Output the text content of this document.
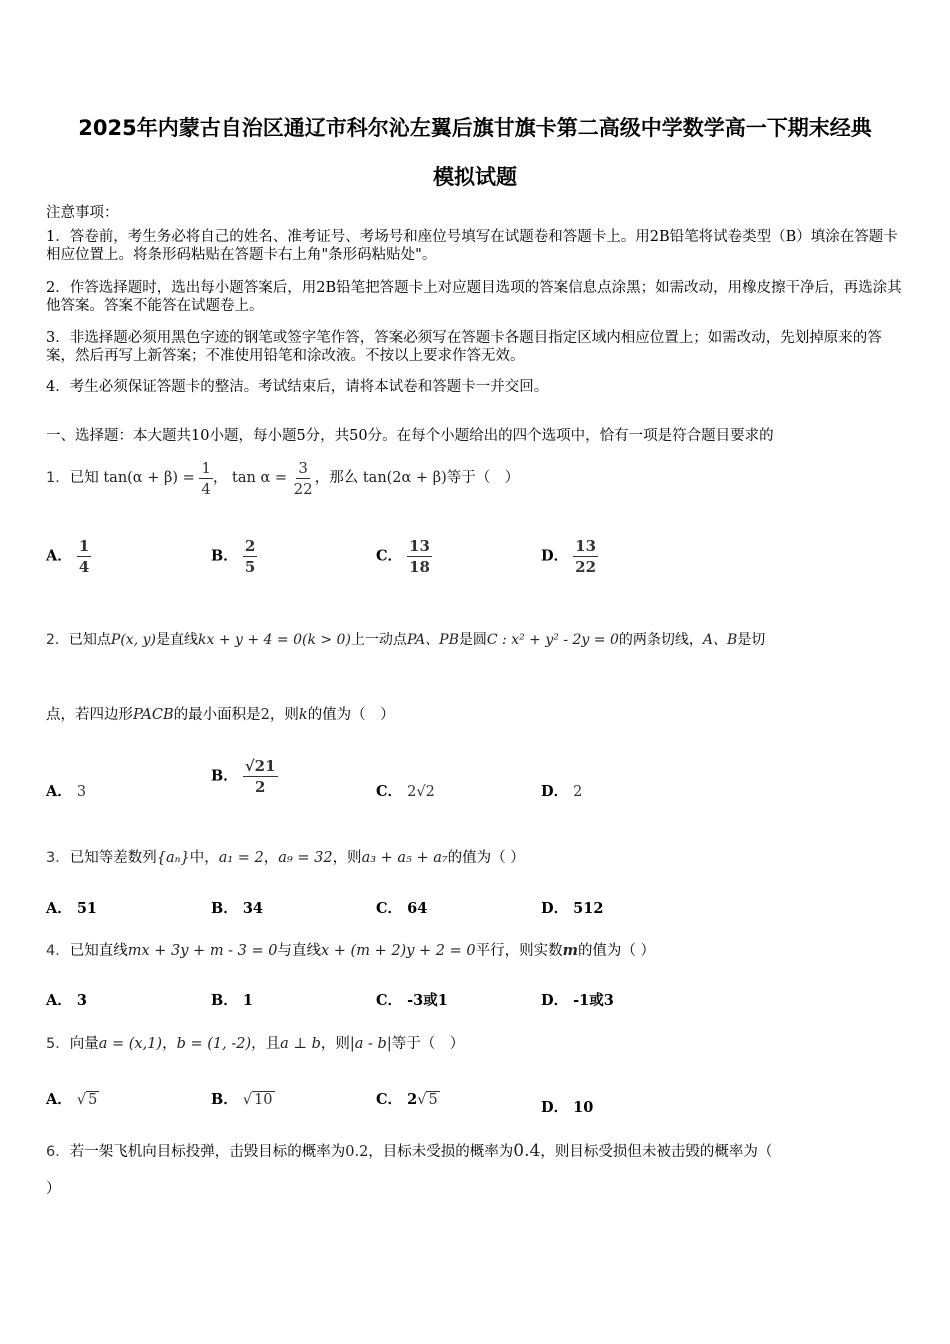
2025年内蒙古自治区通辽市科尔沁左翼后旗甘旗卡第二高级中学数学高一下期末经典
模拟试题
注意事项：
1．答卷前，考生务必将自己的姓名、准考证号、考场号和座位号填写在试题卷和答题卡上。用2B铅笔将试卷类型（B）填涂在答题卡相应位置上。将条形码粘贴在答题卡右上角"条形码粘贴处"。
2．作答选择题时，选出每小题答案后，用2B铅笔把答题卡上对应题目选项的答案信息点涂黑；如需改动，用橡皮擦干净后，再选涂其他答案。答案不能答在试题卷上。
3．非选择题必须用黑色字迹的钢笔或签字笔作答，答案必须写在答题卡各题目指定区域内相应位置上；如需改动，先划掉原来的答案，然后再写上新答案；不准使用铅笔和涂改液。不按以上要求作答无效。
4．考生必须保证答题卡的整洁。考试结束后，请将本试卷和答题卡一并交回。
一、选择题：本大题共10小题，每小题5分，共50分。在每个小题给出的四个选项中，恰有一项是符合题目要求的
1．已知 $\tan(\alpha + \beta) = \frac{1}{4}$ ， $\tan \alpha = \frac{3}{22}$ ，那么 tan(2α + β)等于（　）
A． $\frac{1}{4}$	B． $\frac{2}{5}$	C． $\frac{13}{18}$	D． $\frac{13}{22}$
2．已知点P(x, y)是直线kx + y + 4 = 0(k > 0)上一动点PA、PB是圆C : x² + y² - 2y = 0的两条切线，A、B是切
点，若四边形PACB的最小面积是2，则k的值为（　）
A． 3
B． $\frac{√21}{2}$	C． 2√2	D． 2
3．已知等差数列{aₙ}中，a₁ = 2，a₉ = 32，则a₃ + a₅ + a₇的值为（ ）
A． 51	B． 34	C． 64	D． 512
4．已知直线mx + 3y + m - 3 = 0与直线x + (m + 2)y + 2 = 0平行，则实数m的值为（ ）
A． 3	B． 1	C． -3或1	D． -1或3
5．向量a = (x,1)，b = (1, -2)，且a ⊥ b，则|a - b|等于（　）
A． √ 5	B． √ 10	C． 2√ 5	D． 10
6．若一架飞机向目标投弹，击毁目标的概率为0.2，目标未受损的概率为0.4，则目标受损但未被击毁的概率为（
）
